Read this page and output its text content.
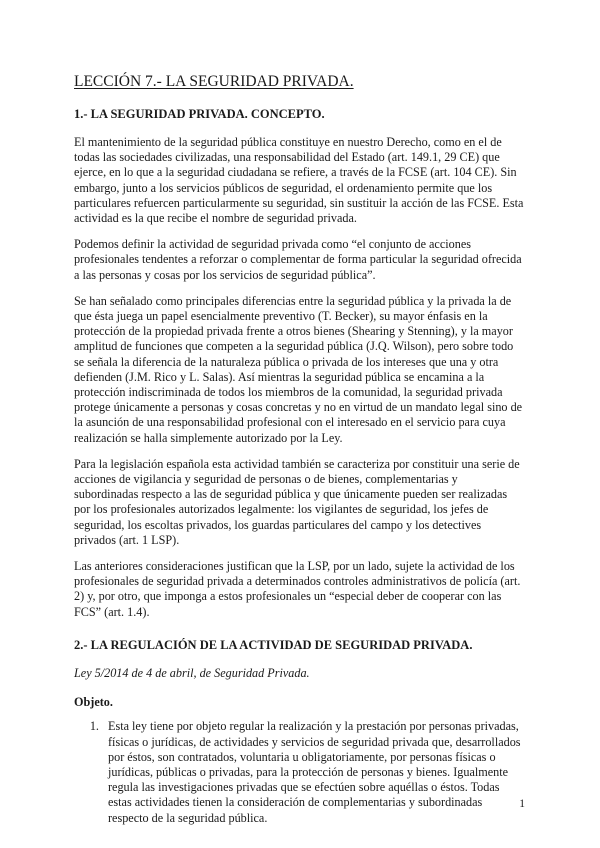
LECCIÓN 7.- LA SEGURIDAD PRIVADA.
1.- LA SEGURIDAD PRIVADA. CONCEPTO.

El mantenimiento de la seguridad pública constituye en nuestro Derecho, como en el de todas las sociedades civilizadas, una responsabilidad del Estado (art. 149.1, 29 CE) que ejerce, en lo que a la seguridad ciudadana se refiere, a través de la FCSE (art. 104 CE). Sin embargo, junto a los servicios públicos de seguridad, el ordenamiento permite que los particulares refuercen particularmente su seguridad, sin sustituir la acción de las FCSE. Esta actividad es la que recibe el nombre de seguridad privada.

Podemos definir la actividad de seguridad privada como “el conjunto de acciones profesionales tendentes a reforzar o complementar de forma particular la seguridad ofrecida a las personas y cosas por los servicios de seguridad pública”.

Se han señalado como principales diferencias entre la seguridad pública y la privada la de que ésta juega un papel esencialmente preventivo (T. Becker), su mayor énfasis en la protección de la propiedad privada frente a otros bienes (Shearing y Stenning), y la mayor amplitud de funciones que competen a la seguridad pública (J.Q. Wilson), pero sobre todo se señala la diferencia de la naturaleza pública o privada de los intereses que una y otra defienden (J.M. Rico y L. Salas). Así mientras la seguridad pública se encamina a la protección indiscriminada de todos los miembros de la comunidad, la seguridad privada protege únicamente a personas y cosas concretas y no en virtud de un mandato legal sino de la asunción de una responsabilidad profesional con el interesado en el servicio para cuya realización se halla simplemente autorizado por la Ley.

Para la legislación española esta actividad también se caracteriza por constituir una serie de acciones de vigilancia y seguridad de personas o de bienes, complementarias y subordinadas respecto a las de seguridad pública y que únicamente pueden ser realizadas por los profesionales autorizados legalmente: los vigilantes de seguridad, los jefes de seguridad, los escoltas privados, los guardas particulares del campo y los detectives privados (art. 1 LSP).

Las anteriores consideraciones justifican que la LSP, por un lado, sujete la actividad de los profesionales de seguridad privada a determinados controles administrativos de policía (art. 2) y, por otro, que imponga a estos profesionales un “especial deber de cooperar con las FCS” (art. 1.4).

2.- LA REGULACIÓN DE LA ACTIVIDAD DE SEGURIDAD PRIVADA.

Ley 5/2014 de 4 de abril, de Seguridad Privada.

Objeto.

1. Esta ley tiene por objeto regular la realización y la prestación por personas privadas, físicas o jurídicas, de actividades y servicios de seguridad privada que, desarrollados por éstos, son contratados, voluntaria u obligatoriamente, por personas físicas o jurídicas, públicas o privadas, para la protección de personas y bienes. Igualmente regula las investigaciones privadas que se efectúen sobre aquéllas o éstos. Todas estas actividades tienen la consideración de complementarias y subordinadas respecto de la seguridad pública.
1
